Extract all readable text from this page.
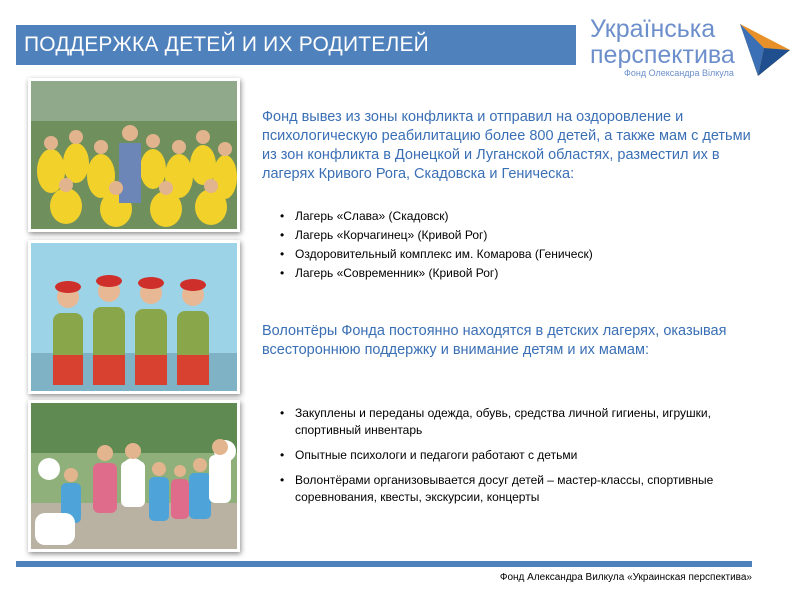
ПОДДЕРЖКА ДЕТЕЙ И ИХ РОДИТЕЛЕЙ
Украïнська
перспектива
Фонд Олександра Вілкула
Фонд вывез из зоны конфликта и отправил на оздоровление и психологическую реабилитацию более 800 детей, а также мам с детьми из зон конфликта в Донецкой и Луганской областях, разместил их в лагерях Кривого Рога, Скадовска и Геническа:
• Лагерь «Слава» (Скадовск)
• Лагерь «Корчагинец» (Кривой Рог)
• Оздоровительный комплекс им. Комарова (Геническ)
• Лагерь «Современник» (Кривой Рог)
Волонтёры Фонда постоянно находятся в детских лагерях, оказывая всестороннюю поддержку и внимание детям и их мамам:
• Закуплены и переданы одежда, обувь, средства личной гигиены, игрушки, спортивный инвентарь
• Опытные психологи и педагоги работают с детьми
• Волонтёрами организовывается досуг детей – мастер-классы, спортивные соревнования, квесты, экскурсии, концерты
Фонд Александра Вилкула «Украинская перспектива»
